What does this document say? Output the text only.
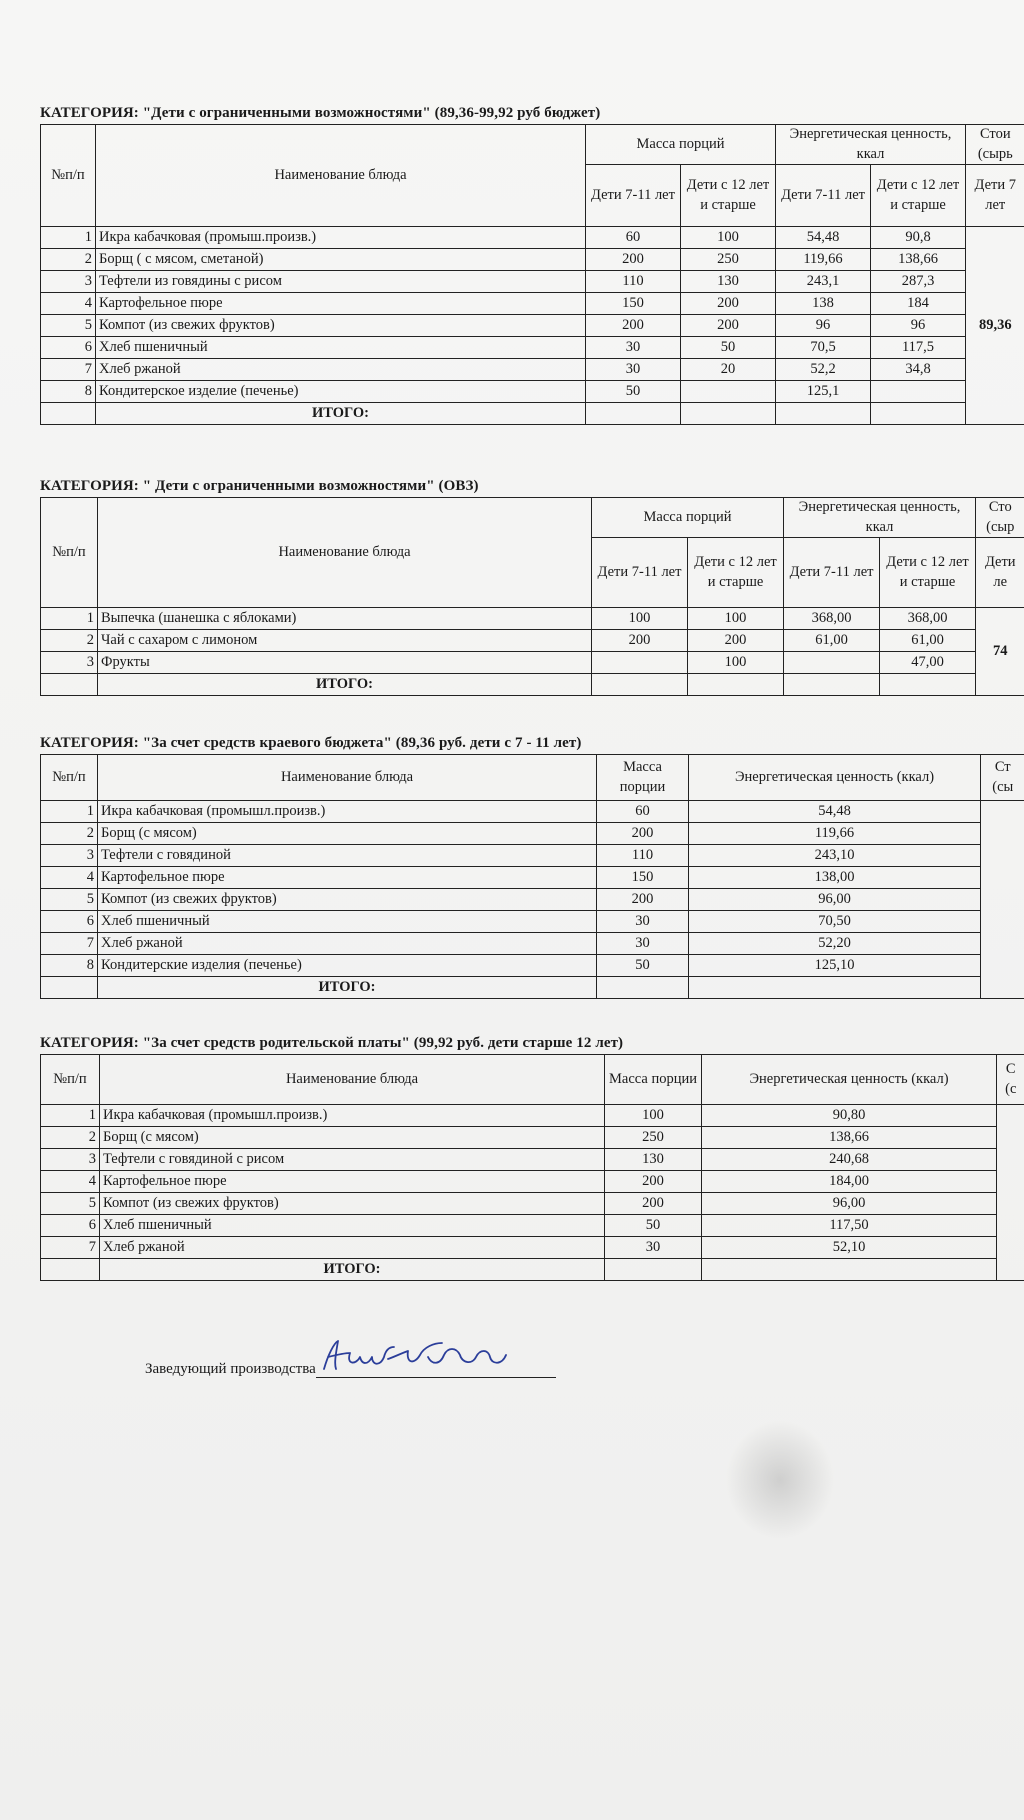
КАТЕГОРИЯ: "Дети с ограниченными возможностями" (89,36-99,92 руб бюджет)
№п/п	Наименование блюда	Масса порций		Энергетическая ценность, ккал		Стои (сырь
		Дети 7-11 лет	Дети с 12 лет и старше	Дети 7-11 лет	Дети с 12 лет и старше	Дети 7 лет
1	Икра кабачковая (промыш.произв.)	60	100	54,48	90,8	89,36
2	Борщ ( с мясом, сметаной)	200	250	119,66	138,66	
3	Тефтели из говядины с рисом	110	130	243,1	287,3	
4	Картофельное пюре	150	200	138	184	
5	Компот (из свежих фруктов)	200	200	96	96	
6	Хлеб пшеничный	30	50	70,5	117,5	
7	Хлеб ржаной	30	20	52,2	34,8	
8	Кондитерское изделие (печенье)	50		125,1		
	ИТОГО:					
КАТЕГОРИЯ: " Дети с ограниченными возможностями" (ОВЗ)
№п/п	Наименование блюда	Масса порций		Энергетическая ценность, ккал		Сто (сыр
		Дети 7-11 лет	Дети с 12 лет и старше	Дети 7-11 лет	Дети с 12 лет и старше	Дети ле
1	Выпечка (шанешка с яблоками)	100	100	368,00	368,00	74
2	Чай с сахаром с лимоном	200	200	61,00	61,00	
3	Фрукты		100		47,00	
	ИТОГО:					
КАТЕГОРИЯ: "За счет средств краевого бюджета" (89,36 руб. дети с 7 - 11 лет)
№п/п	Наименование блюда	Масса порции	Энергетическая ценность (ккал)	Ст (сы
1	Икра кабачковая (промышл.произв.)	60	54,48	
2	Борщ (с мясом)	200	119,66	
3	Тефтели с говядиной	110	243,10	
4	Картофельное пюре	150	138,00	
5	Компот (из свежих фруктов)	200	96,00	
6	Хлеб пшеничный	30	70,50	
7	Хлеб ржаной	30	52,20	
8	Кондитерские изделия (печенье)	50	125,10	
	ИТОГО:			
КАТЕГОРИЯ: "За счет средств родительской платы" (99,92 руб. дети старше 12 лет)
№п/п	Наименование блюда	Масса порции	Энергетическая ценность (ккал)	С (с
1	Икра кабачковая (промышл.произв.)	100	90,80	
2	Борщ (с мясом)	250	138,66	
3	Тефтели с говядиной с рисом	130	240,68	
4	Картофельное пюре	200	184,00	
5	Компот (из свежих фруктов)	200	96,00	
6	Хлеб пшеничный	50	117,50	
7	Хлеб ржаной	30	52,10	
	ИТОГО:			
Заведующий производства
